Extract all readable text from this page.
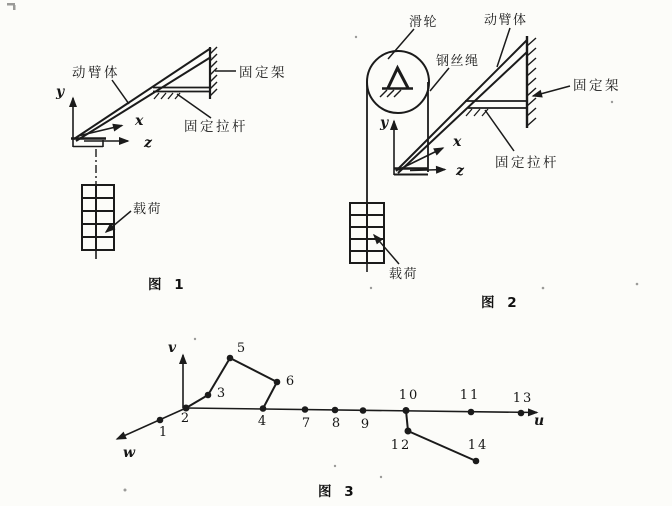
动臂体	固定架
固定拉杆
载荷
y
x
z
图 1
滑轮
钢丝绳
动臂体
固定架
固定拉杆
载荷
y
x
z
图 2
1
2
3
4
5
6
7 8 9
10	11
12
13
14
v
w
u
图 3
